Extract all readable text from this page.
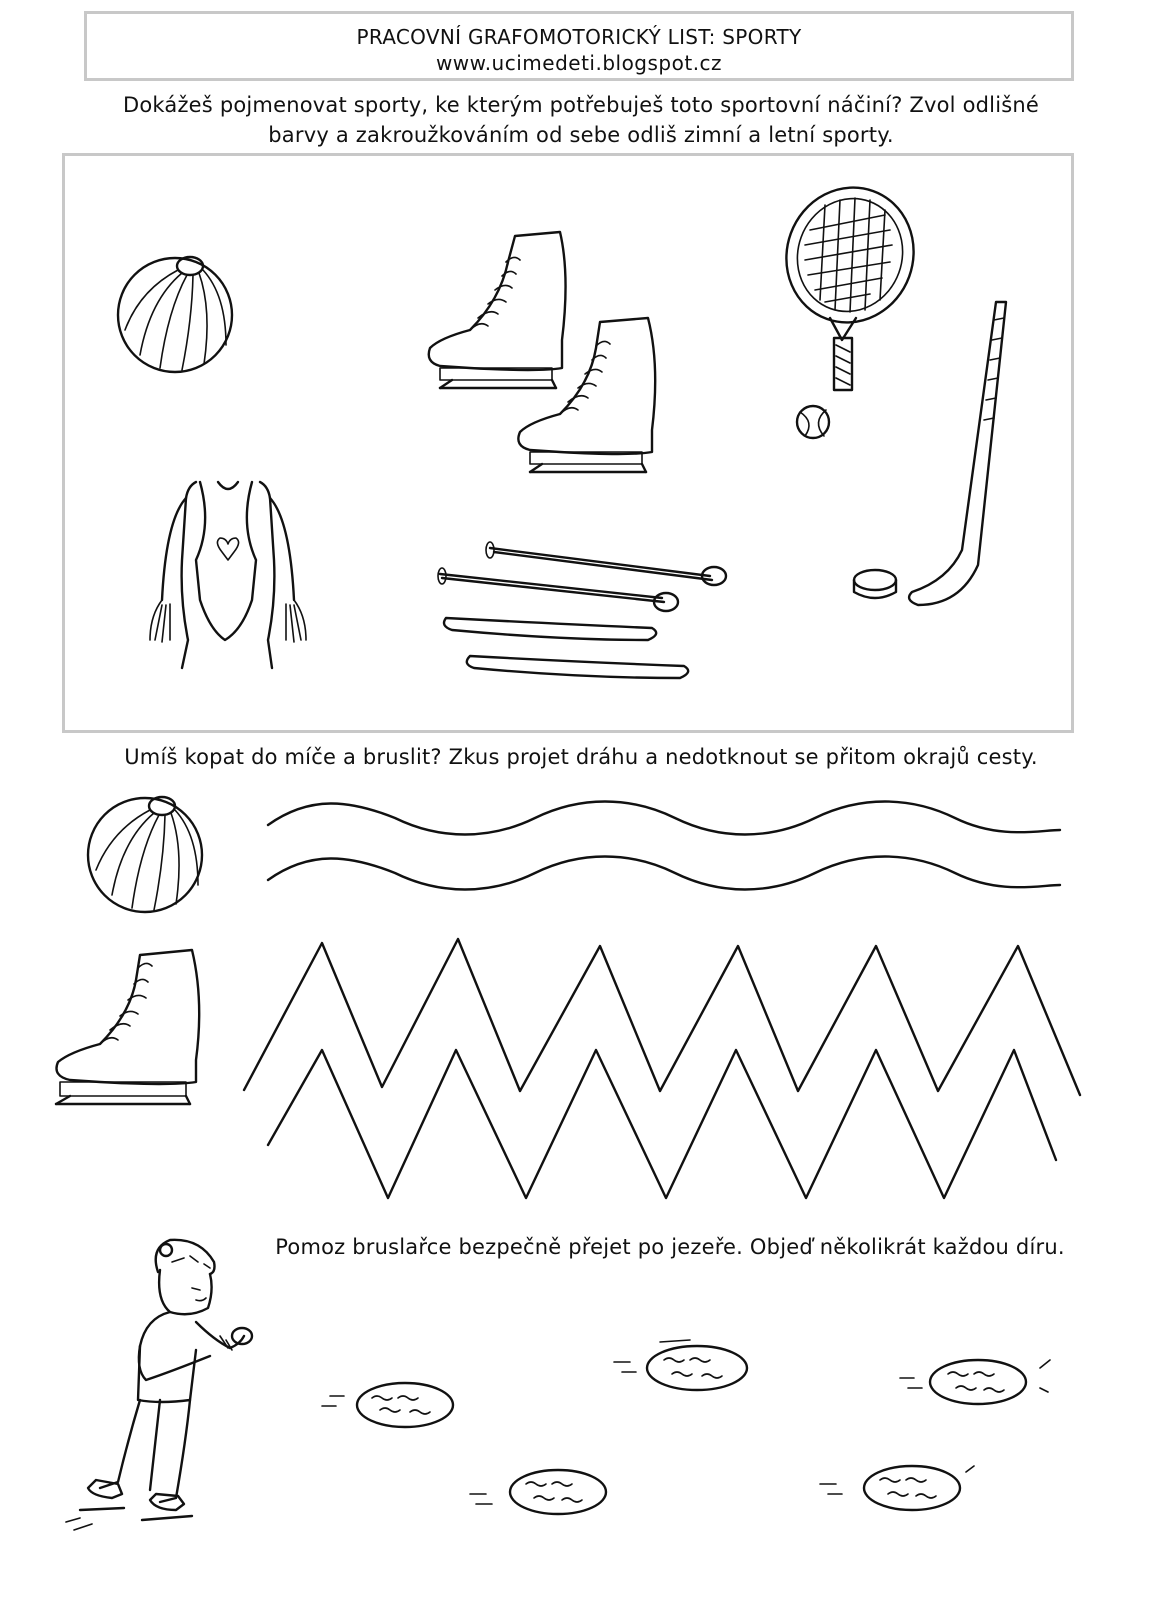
PRACOVNÍ GRAFOMOTORICKÝ LIST: SPORTY
www.ucimedeti.blogspot.cz
Dokážeš pojmenovat sporty, ke kterým potřebuješ toto sportovní náčiní? Zvol odlišné
barvy a zakroužkováním od sebe odliš zimní a letní sporty.
Umíš kopat do míče a bruslit? Zkus projet dráhu a nedotknout se přitom okrajů cesty.
Pomoz bruslařce bezpečně přejet po jezeře. Objeď několikrát každou díru.
